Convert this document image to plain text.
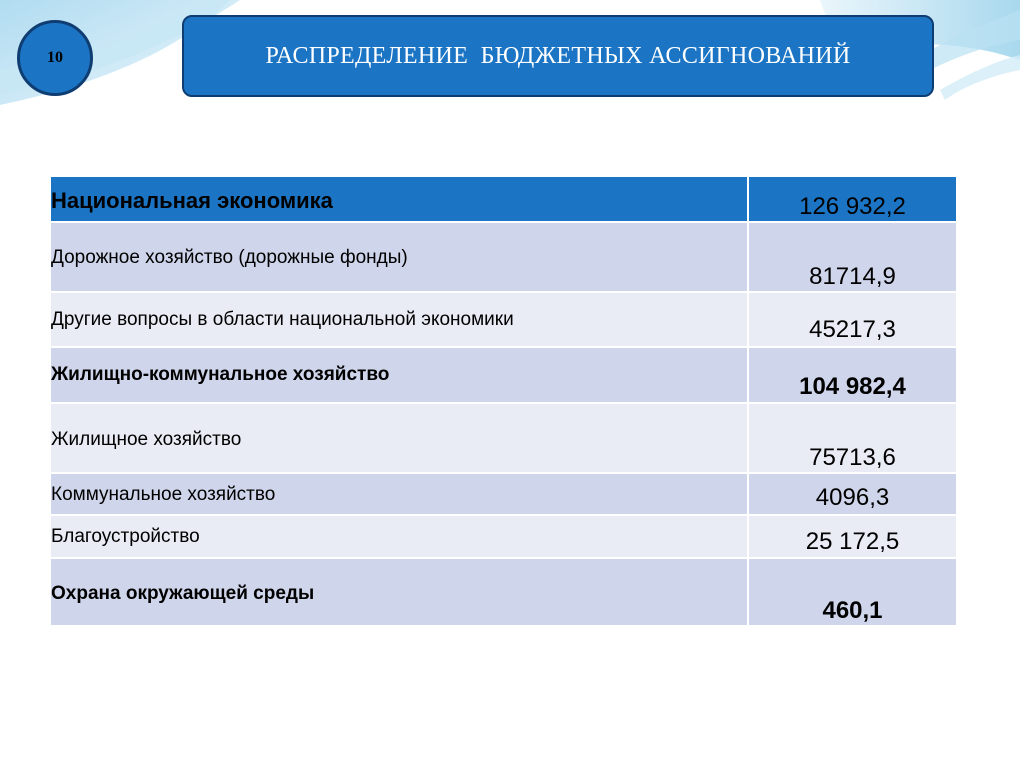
10	РАСПРЕДЕЛЕНИЕ  БЮДЖЕТНЫХ АССИГНОВАНИЙ
Национальная экономика	126 932,2
Дорожное хозяйство (дорожные фонды)	81714,9
Другие вопросы в области национальной экономики	45217,3
Жилищно-коммунальное хозяйство	104 982,4
Жилищное хозяйство	75713,6
Коммунальное хозяйство	4096,3
Благоустройство	25 172,5
Охрана окружающей среды	460,1
